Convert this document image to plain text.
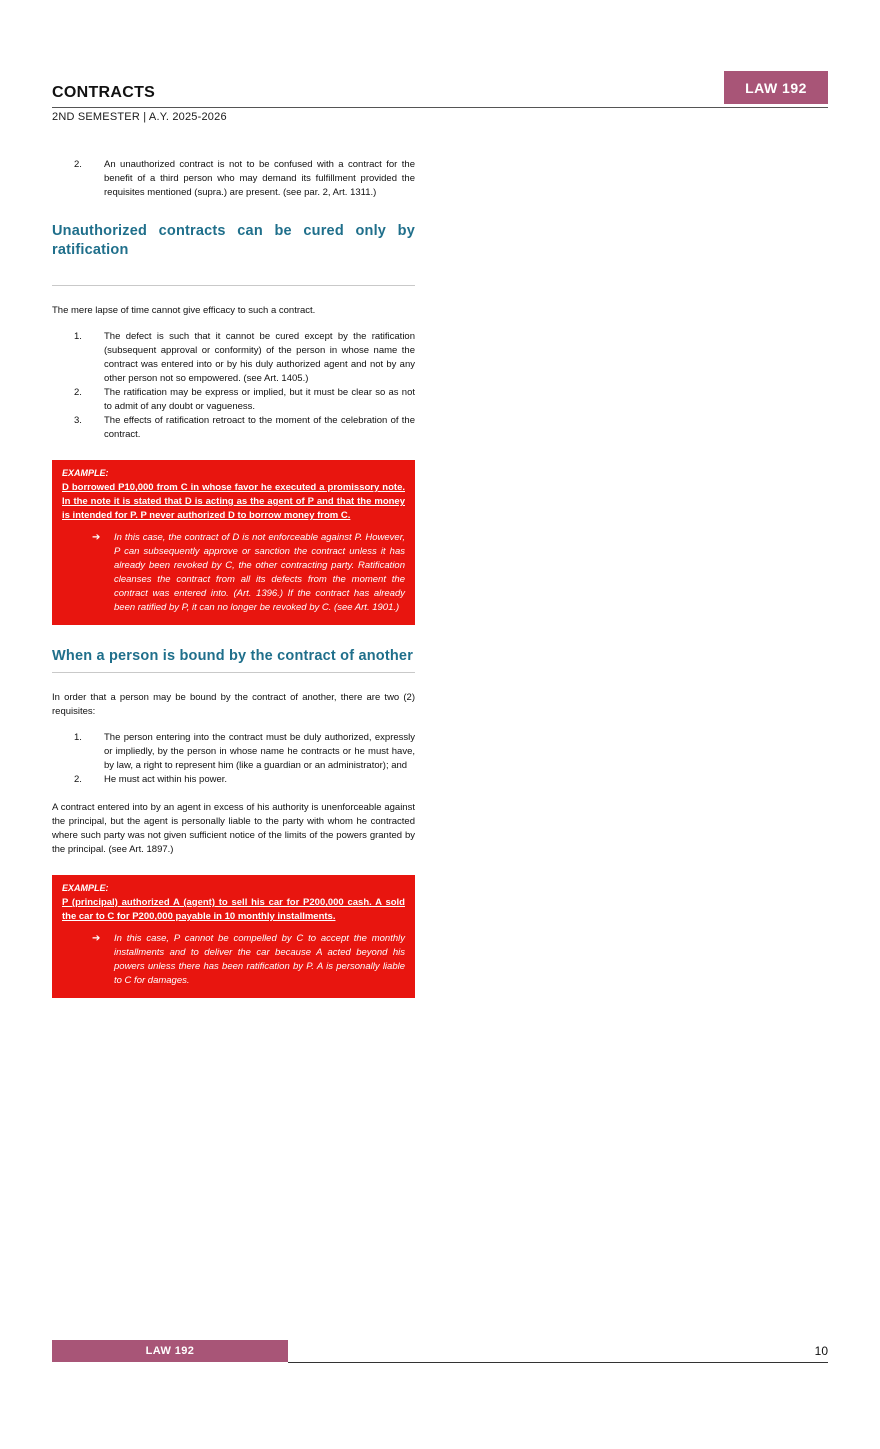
LAW 192
CONTRACTS
2ND SEMESTER | A.Y. 2025-2026
2.	An unauthorized contract is not to be confused with a contract for the benefit of a third person who may demand its fulfillment provided the requisites mentioned (supra.) are present. (see par. 2, Art. 1311.)
Unauthorized contracts can be cured only by ratification

The mere lapse of time cannot give efficacy to such a contract.

1.	The defect is such that it cannot be cured except by the ratification (subsequent approval or conformity) of the person in whose name the contract was entered into or by his duly authorized agent and not by any other person not so empowered. (see Art. 1405.)
2.	The ratification may be express or implied, but it must be clear so as not to admit of any doubt or vagueness.
3.	The effects of ratification retroact to the moment of the celebration of the contract.
EXAMPLE:
D borrowed P10,000 from C in whose favor he executed a promissory note. In the note it is stated that D is acting as the agent of P and that the money is intended for P. P never authorized D to borrow money from C.
➔ In this case, the contract of D is not enforceable against P. However, P can subsequently approve or sanction the contract unless it has already been revoked by C, the other contracting party. Ratification cleanses the contract from all its defects from the moment the contract was entered into. (Art. 1396.) If the contract has already been ratified by P, it can no longer be revoked by C. (see Art. 1901.)
When a person is bound by the contract of another

In order that a person may be bound by the contract of another, there are two (2) requisites:

1.	The person entering into the contract must be duly authorized, expressly or impliedly, by the person in whose name he contracts or he must have, by law, a right to represent him (like a guardian or an administrator); and
2.	He must act within his power.

A contract entered into by an agent in excess of his authority is unenforceable against the principal, but the agent is personally liable to the party with whom he contracted where such party was not given sufficient notice of the limits of the powers granted by the principal. (see Art. 1897.)

EXAMPLE:
P (principal) authorized A (agent) to sell his car for P200,000 cash. A sold the car to C for P200,000 payable in 10 monthly installments.
➔ In this case, P cannot be compelled by C to accept the monthly installments and to deliver the car because A acted beyond his powers unless there has been ratification by P. A is personally liable to C for damages.
LAW 192	10
